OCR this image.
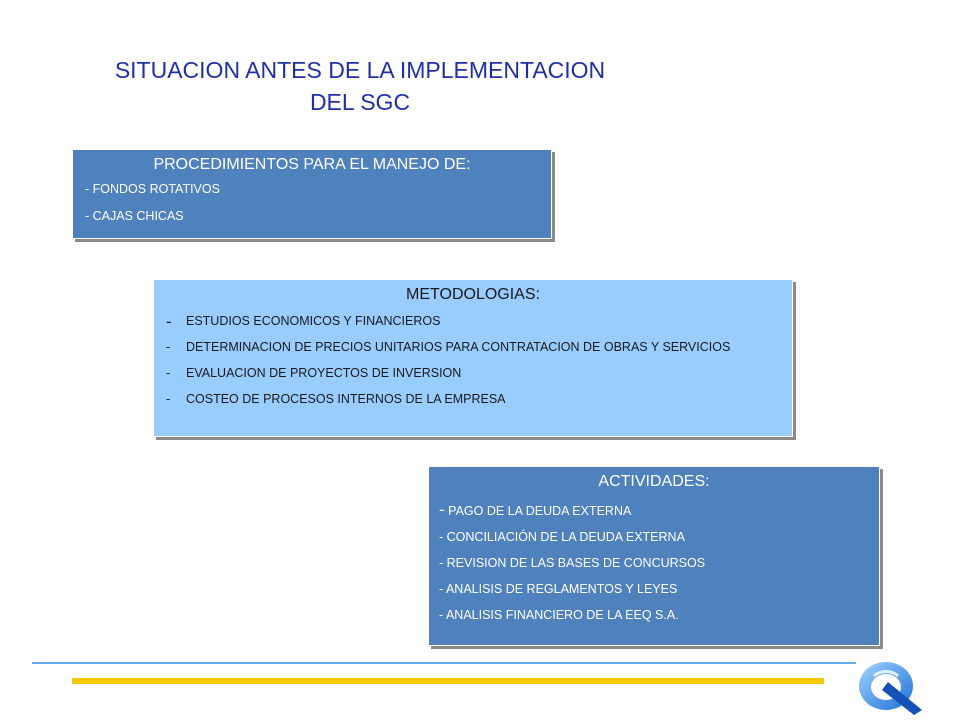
SITUACION ANTES DE LA IMPLEMENTACION
DEL SGC
PROCEDIMIENTOS PARA EL MANEJO DE:
- FONDOS ROTATIVOS
- CAJAS CHICAS
METODOLOGIAS:
-	ESTUDIOS ECONOMICOS Y FINANCIEROS
-	DETERMINACION DE PRECIOS UNITARIOS PARA CONTRATACION DE OBRAS Y SERVICIOS
-	EVALUACION DE PROYECTOS DE INVERSION
-	COSTEO DE PROCESOS INTERNOS DE LA EMPRESA
ACTIVIDADES:
- PAGO DE LA DEUDA EXTERNA
- CONCILIACIÓN DE LA DEUDA EXTERNA
- REVISION DE LAS BASES DE CONCURSOS
- ANALISIS DE REGLAMENTOS Y LEYES
- ANALISIS FINANCIERO DE LA EEQ S.A.
